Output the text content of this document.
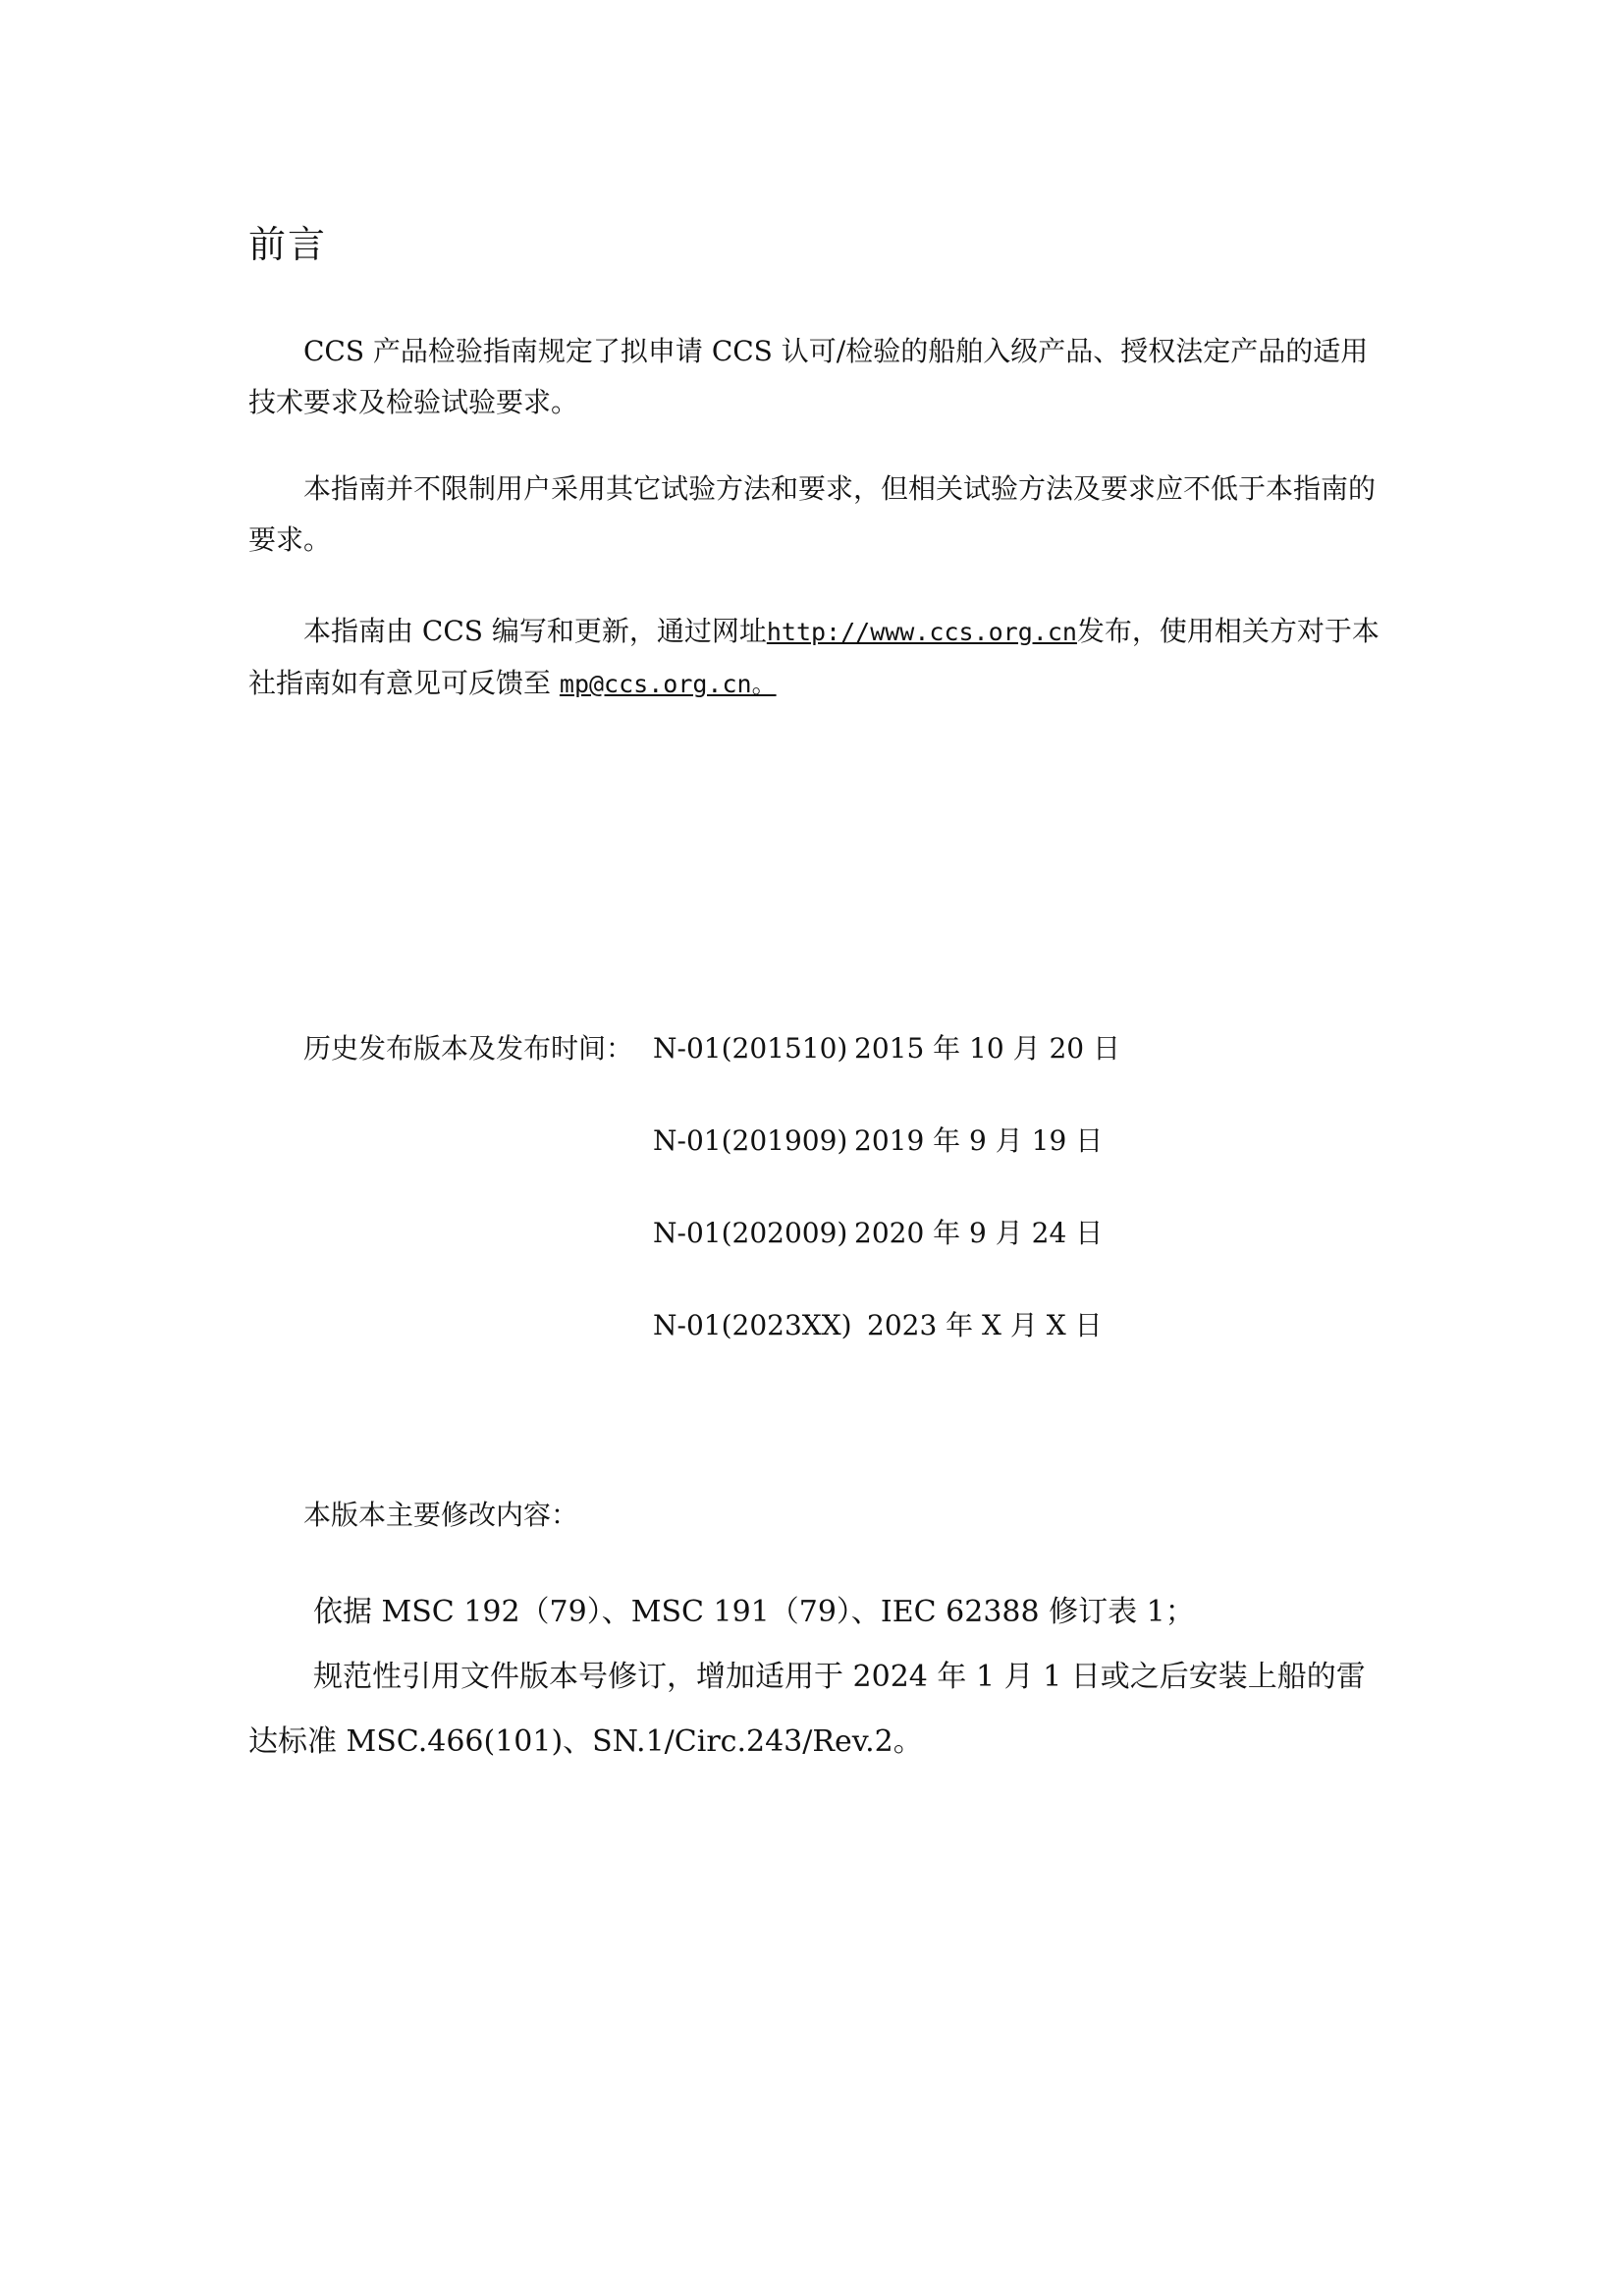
前言

CCS 产品检验指南规定了拟申请 CCS 认可/检验的船舶入级产品、授权法定产品的适用技术要求及检验试验要求。

本指南并不限制用户采用其它试验方法和要求，但相关试验方法及要求应不低于本指南的要求。

本指南由 CCS 编写和更新，通过网址http://www.ccs.org.cn发布，使用相关方对于本社指南如有意见可反馈至 mp@ccs.org.cn。

历史发布版本及发布时间： N-01(201510) 2015 年 10 月 20 日
N-01(201909) 2019 年 9 月 19 日
N-01(202009) 2020 年 9 月 24 日
N-01(2023XX) 2023 年 X 月 X 日
本版本主要修改内容：

依据 MSC 192（79）、MSC 191（79）、IEC 62388 修订表 1；

规范性引用文件版本号修订，增加适用于 2024 年 1 月 1 日或之后安装上船的雷达标准 MSC.466(101)、SN.1/Circ.243/Rev.2。
